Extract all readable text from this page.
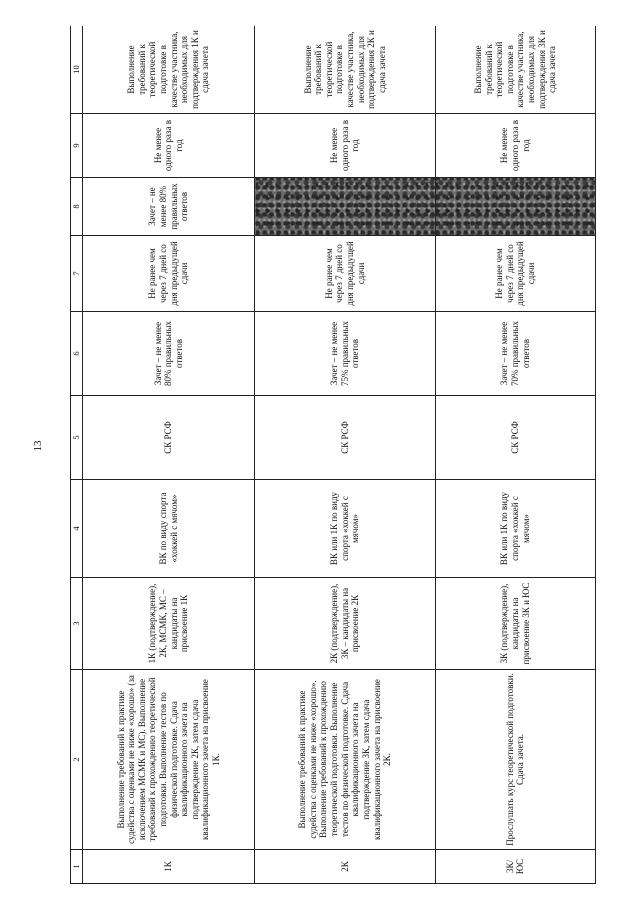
13
1	2	3	4	5	6	7	8	9	10
1К	Выполнение требований к практике судейства с оценками не ниже «хорошо» (за исключением МСМК и МС). Выполнение требований к прохождению теоретической подготовки. Выполнение тестов по физической подготовке. Сдача квалификационного зачета на подтверждение 2К, затем сдача квалификационного зачета на присвоение 1К.	1К (подтверждение), 2К, МСМК, МС – кандидаты на присвоение 1К	ВК по виду спорта «хоккей с мячом»	СК РСФ	Зачет – не менее 80% правильных ответов	Не ранее чем через 7 дней со дня предыдущей сдачи	Зачет – не менее 80% правильных ответов	Не менее одного раза в год	Выполнение требований к теоретической подготовке в качестве участника, необходимых для подтверждения 1К и сдача зачета
2К	Выполнение требований к практике судейства с оценками не ниже «хорошо». Выполнение требований к прохождению теоретической подготовки. Выполнение тестов по физической подготовке. Сдача квалификационного зачета на подтверждение 3К, затем сдача квалификационного зачета на присвоение 2К.	2К (подтверждение), 3К – кандидаты на присвоение 2К	ВК или 1К по виду спорта «хоккей с мячом»	СК РСФ	Зачет – не менее 75% правильных ответов	Не ранее чем через 7 дней со дня предыдущей сдачи		Не менее одного раза в год	Выполнение требований к теоретической подготовке в качестве участника, необходимых для подтверждения 2К и сдача зачета
3К/ЮС	Прослушать курс теоретической подготовки. Сдача зачета.	3К (подтверждение), кандидаты на присвоение 3К и ЮС	ВК или 1К по виду спорта «хоккей с мячом»	СК РСФ	Зачет – не менее 70% правильных ответов	Не ранее чем через 7 дней со дня предыдущей сдачи		Не менее одного раза в год	Выполнение требований к теоретической подготовке в качестве участника, необходимых для подтверждения 3К и сдача зачета
